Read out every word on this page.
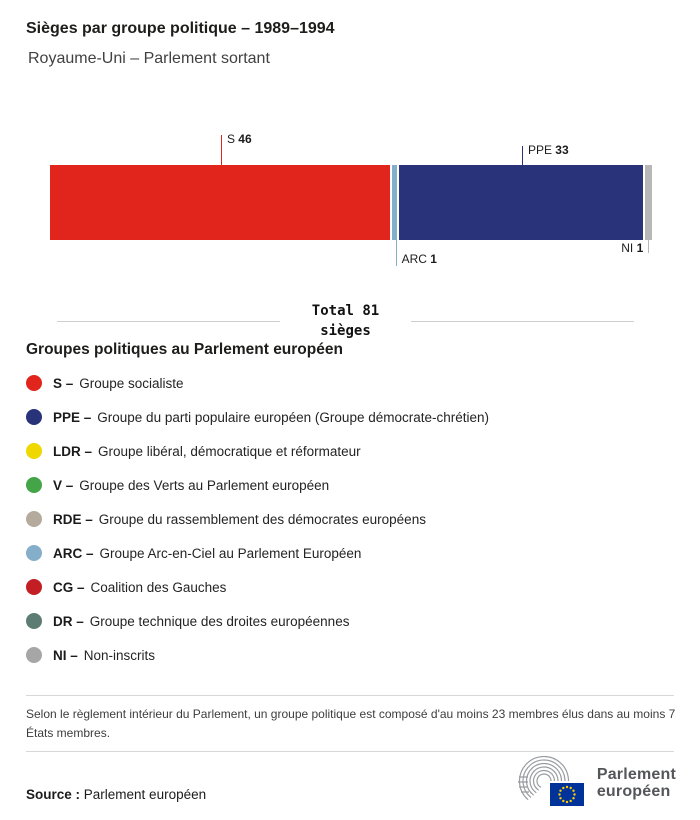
Sièges par groupe politique – 1989–1994
Royaume-Uni – Parlement sortant
S 46
ARC 1
PPE 33
NI 1
Total 81
sièges
Groupes politiques au Parlement européen
S – Groupe socialiste
PPE – Groupe du parti populaire européen (Groupe démocrate-chrétien)
LDR – Groupe libéral, démocratique et réformateur
V – Groupe des Verts au Parlement européen
RDE – Groupe du rassemblement des démocrates européens
ARC – Groupe Arc-en-Ciel au Parlement Européen
CG – Coalition des Gauches
DR – Groupe technique des droites européennes
NI – Non-inscrits
Selon le règlement intérieur du Parlement, un groupe politique est composé d'au moins 23 membres élus dans au moins 7 États membres.
Source : Parlement européen
Parlement
européen
